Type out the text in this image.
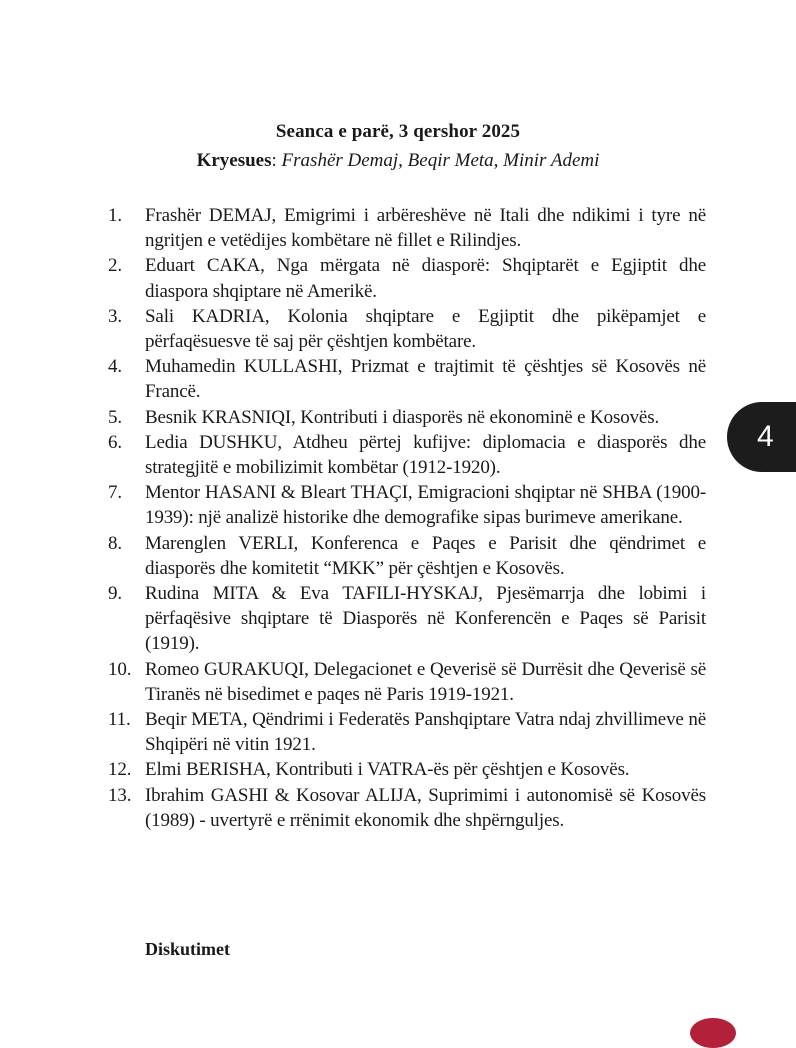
Seanca e parë, 3 qershor 2025
Kryesues: Frashër Demaj, Beqir Meta, Minir Ademi
1. Frashër DEMAJ, Emigrimi i arbëreshëve në Itali dhe ndikimi i tyre në ngritjen e vetëdijes kombëtare në fillet e Rilindjes.
2. Eduart CAKA, Nga mërgata në diasporë: Shqiptarët e Egjiptit dhe diaspora shqiptare në Amerikë.
3. Sali KADRIA, Kolonia shqiptare e Egjiptit dhe pikëpamjet e përfaqësuesve të saj për çështjen kombëtare.
4. Muhamedin KULLASHI, Prizmat e trajtimit të çështjes së Kosovës në Francë.
5. Besnik KRASNIQI, Kontributi i diasporës në ekonominë e Kosovës.
6. Ledia DUSHKU, Atdheu përtej kufijve: diplomacia e diasporës dhe strategjitë e mobilizimit kombëtar (1912-1920).
7. Mentor HASANI & Bleart THAÇI, Emigracioni shqiptar në SHBA (1900-1939): një analizë historike dhe demografike sipas burimeve amerikane.
8. Marenglen VERLI, Konferenca e Paqes e Parisit dhe qëndrimet e diasporës dhe komitetit “MKK” për çështjen e Kosovës.
9. Rudina MITA & Eva TAFILI-HYSKAJ, Pjesëmarrja dhe lobimi i përfaqësive shqiptare të Diasporës në Konferencën e Paqes së Parisit (1919).
10. Romeo GURAKUQI, Delegacionet e Qeverisë së Durrësit dhe Qeverisë së Tiranës në bisedimet e paqes në Paris 1919-1921.
11. Beqir META, Qëndrimi i Federatës Panshqiptare Vatra ndaj zhvillimeve në Shqipëri në vitin 1921.
12. Elmi BERISHA, Kontributi i VATRA-ës për çështjen e Kosovës.
13. Ibrahim GASHI & Kosovar ALIJA, Suprimimi i autonomisë së Kosovës (1989) - uvertyrë e rrënimit ekonomik dhe shpërnguljes.
Diskutimet
4
